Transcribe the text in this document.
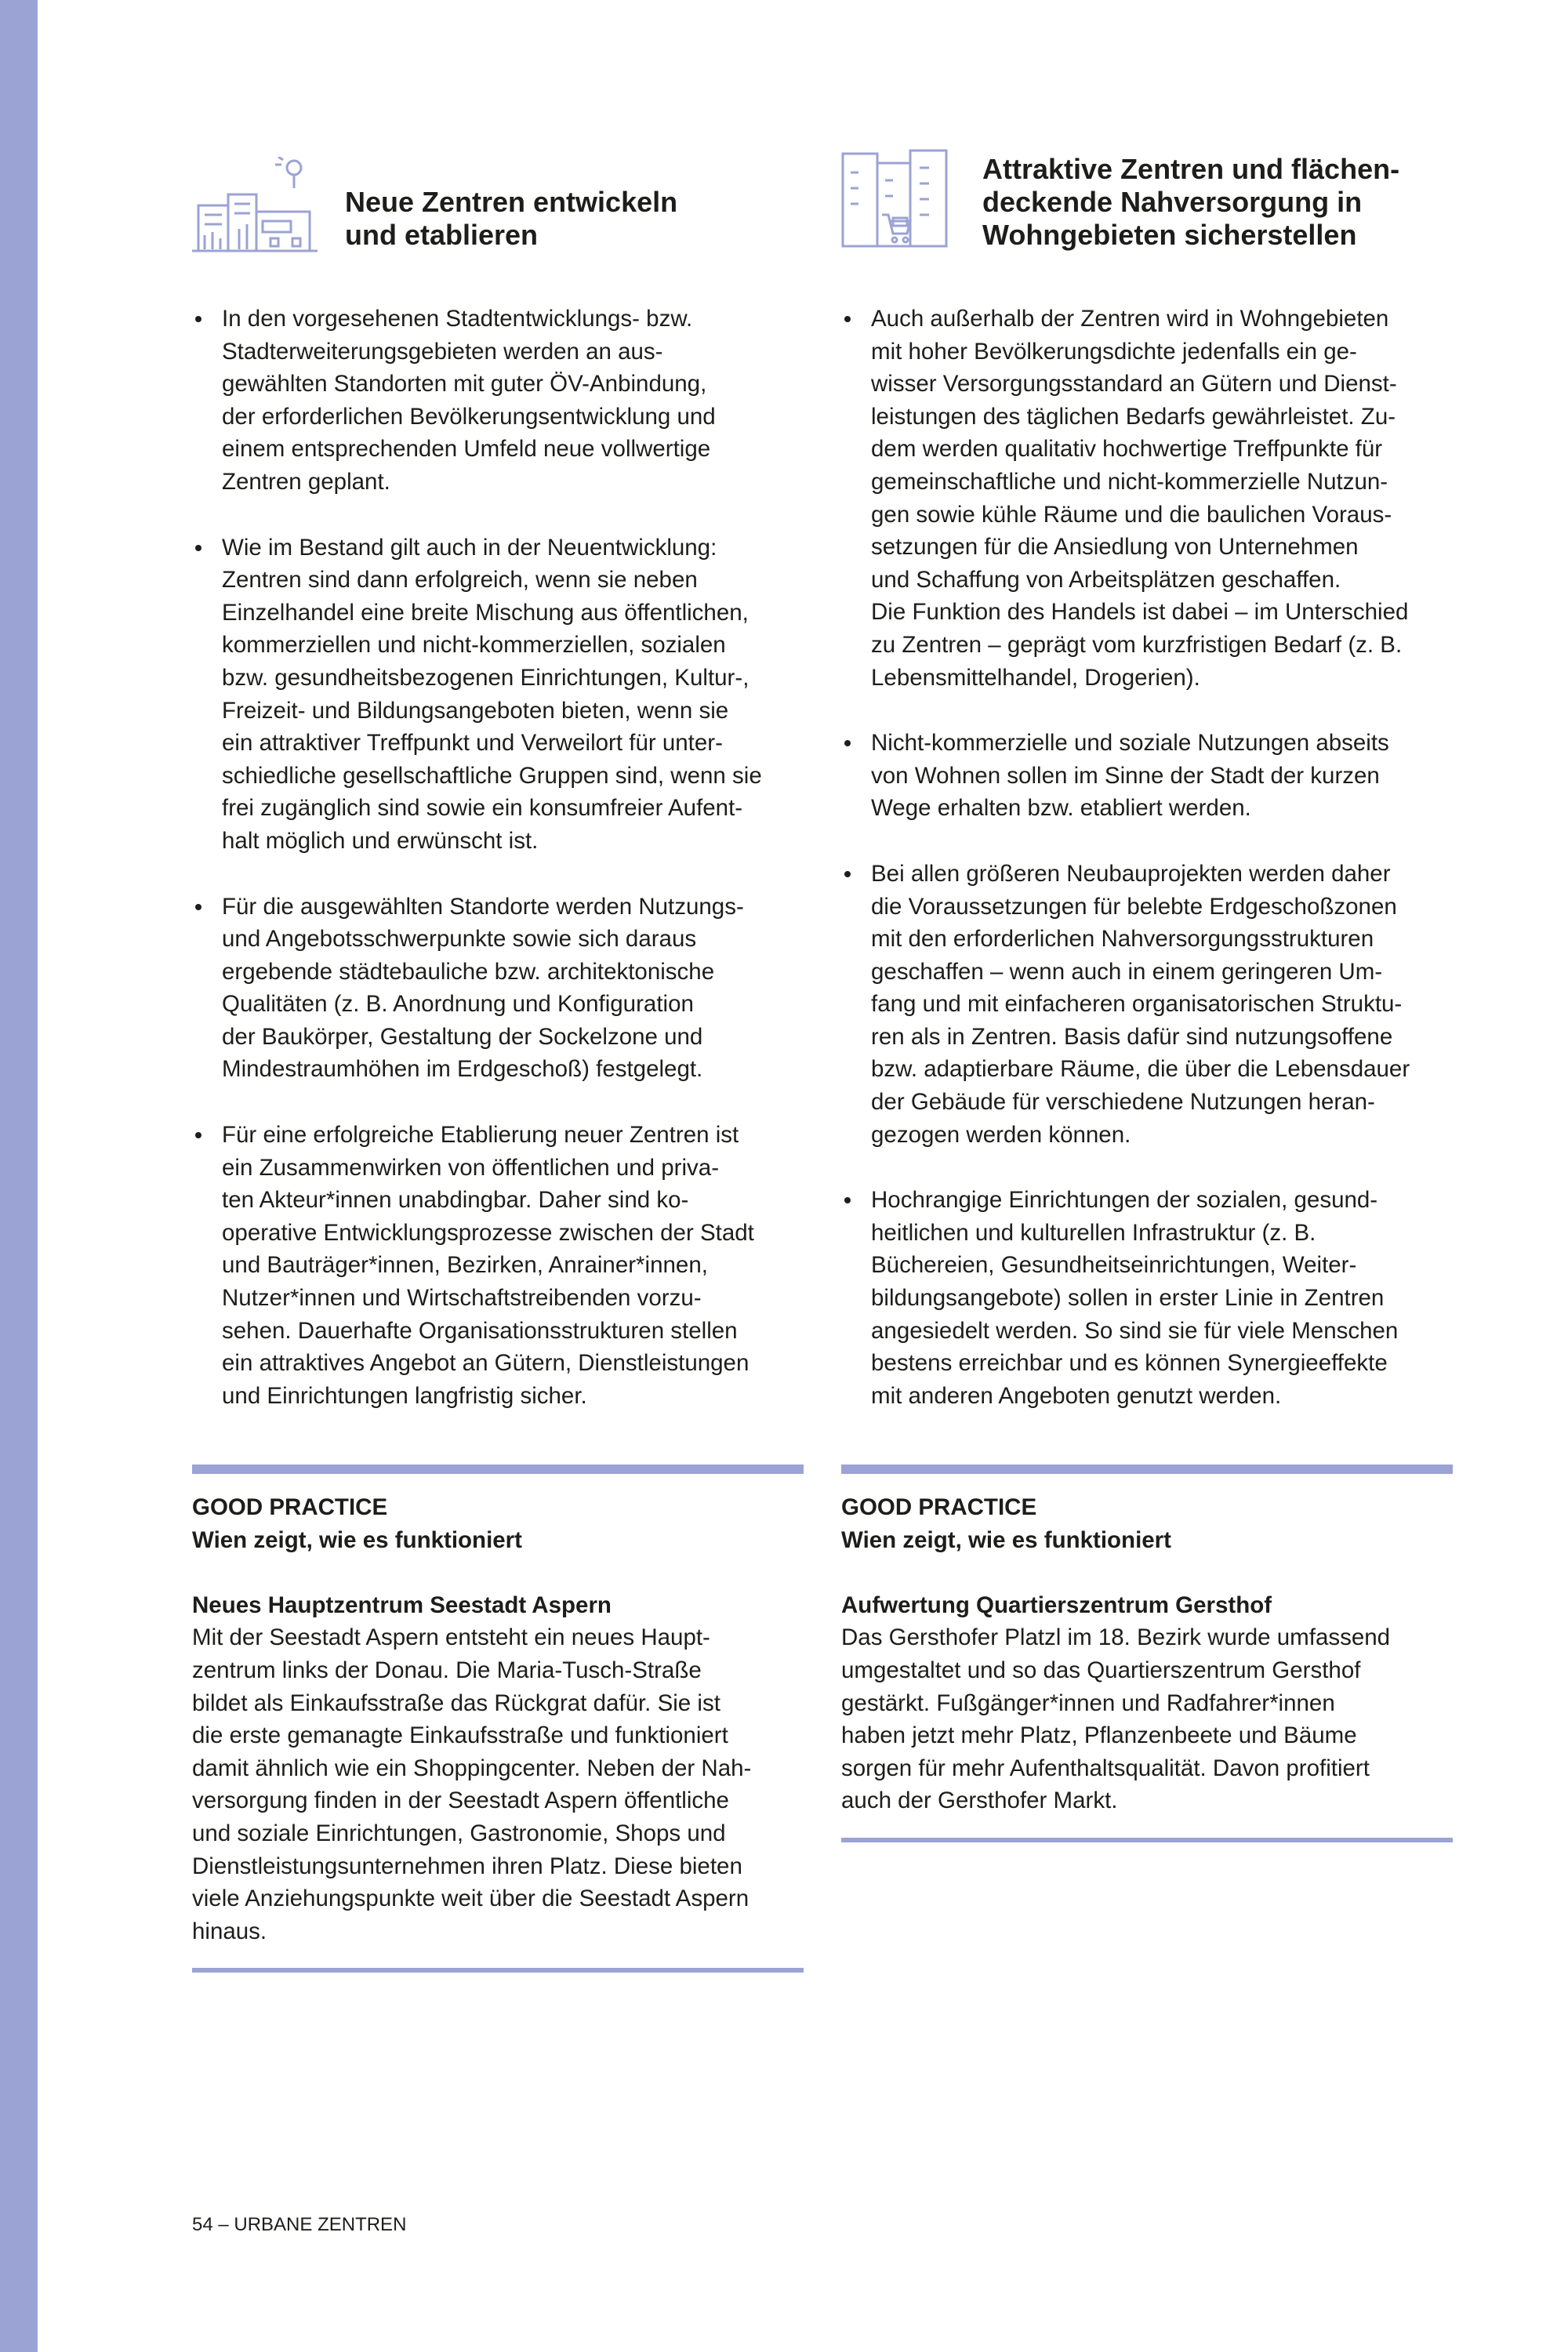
Neue Zentren entwickeln
und etablieren
In den vorgesehenen Stadtentwicklungs- bzw.
Stadterweiterungsgebieten werden an aus-
gewählten Standorten mit guter ÖV-Anbindung,
der erforderlichen Bevölkerungsentwicklung und
einem entsprechenden Umfeld neue vollwertige
Zentren geplant.
Wie im Bestand gilt auch in der Neuentwicklung:
Zentren sind dann erfolgreich, wenn sie neben
Einzelhandel eine breite Mischung aus öffentlichen,
kommerziellen und nicht-kommerziellen, sozialen
bzw. gesundheitsbezogenen Einrichtungen, Kultur-,
Freizeit- und Bildungsangeboten bieten, wenn sie
ein attraktiver Treffpunkt und Verweilort für unter-
schiedliche gesellschaftliche Gruppen sind, wenn sie
frei zugänglich sind sowie ein konsumfreier Aufent-
halt möglich und erwünscht ist.
Für die ausgewählten Standorte werden Nutzungs-
und Angebotsschwerpunkte sowie sich daraus
ergebende städtebauliche bzw. architektonische
Qualitäten (z. B. Anordnung und Konfiguration
der Baukörper, Gestaltung der Sockelzone und
Mindestraumhöhen im Erdgeschoß) festgelegt.
Für eine erfolgreiche Etablierung neuer Zentren ist
ein Zusammenwirken von öffentlichen und priva-
ten Akteur*innen unabdingbar. Daher sind ko-
operative Entwicklungsprozesse zwischen der Stadt
und Bauträger*innen, Bezirken, Anrainer*innen,
Nutzer*innen und Wirtschaftstreibenden vorzu-
sehen. Dauerhafte Organisationsstrukturen stellen
ein attraktives Angebot an Gütern, Dienstleistungen
und Einrichtungen langfristig sicher.
Attraktive Zentren und flächen-
deckende Nahversorgung in
Wohngebieten sicherstellen
Auch außerhalb der Zentren wird in Wohngebieten
mit hoher Bevölkerungsdichte jedenfalls ein ge-
wisser Versorgungsstandard an Gütern und Dienst-
leistungen des täglichen Bedarfs gewährleistet. Zu-
dem werden qualitativ hochwertige Treffpunkte für
gemeinschaftliche und nicht-kommerzielle Nutzun-
gen sowie kühle Räume und die baulichen Voraus-
setzungen für die Ansiedlung von Unternehmen
und Schaffung von Arbeitsplätzen geschaffen.
Die Funktion des Handels ist dabei – im Unterschied
zu Zentren – geprägt vom kurzfristigen Bedarf (z. B.
Lebensmittelhandel, Drogerien).
Nicht-kommerzielle und soziale Nutzungen abseits
von Wohnen sollen im Sinne der Stadt der kurzen
Wege erhalten bzw. etabliert werden.
Bei allen größeren Neubauprojekten werden daher
die Voraussetzungen für belebte Erdgeschoßzonen
mit den erforderlichen Nahversorgungsstrukturen
geschaffen – wenn auch in einem geringeren Um-
fang und mit einfacheren organisatorischen Struktu-
ren als in Zentren. Basis dafür sind nutzungsoffene
bzw. adaptierbare Räume, die über die Lebensdauer
der Gebäude für verschiedene Nutzungen heran-
gezogen werden können.
Hochrangige Einrichtungen der sozialen, gesund-
heitlichen und kulturellen Infrastruktur (z. B.
Büchereien, Gesundheitseinrichtungen, Weiter-
bildungsangebote) sollen in erster Linie in Zentren
angesiedelt werden. So sind sie für viele Menschen
bestens erreichbar und es können Synergieeffekte
mit anderen Angeboten genutzt werden.

GOOD PRACTICE

Wien zeigt, wie es funktioniert

Neues Hauptzentrum Seestadt Aspern

Mit der Seestadt Aspern entsteht ein neues Haupt-
zentrum links der Donau. Die Maria-Tusch-Straße
bildet als Einkaufsstraße das Rückgrat dafür. Sie ist
die erste gemanagte Einkaufsstraße und funktioniert
damit ähnlich wie ein Shoppingcenter. Neben der Nah-
versorgung finden in der Seestadt Aspern öffentliche
und soziale Einrichtungen, Gastronomie, Shops und
Dienstleistungsunternehmen ihren Platz. Diese bieten
viele Anziehungspunkte weit über die Seestadt Aspern
hinaus.

GOOD PRACTICE

Wien zeigt, wie es funktioniert

Aufwertung Quartierszentrum Gersthof

Das Gersthofer Platzl im 18. Bezirk wurde umfassend
umgestaltet und so das Quartierszentrum Gersthof
gestärkt. Fußgänger*innen und Radfahrer*innen
haben jetzt mehr Platz, Pflanzenbeete und Bäume
sorgen für mehr Aufenthaltsqualität. Davon profitiert
auch der Gersthofer Markt.

54 – URBANE ZENTREN
